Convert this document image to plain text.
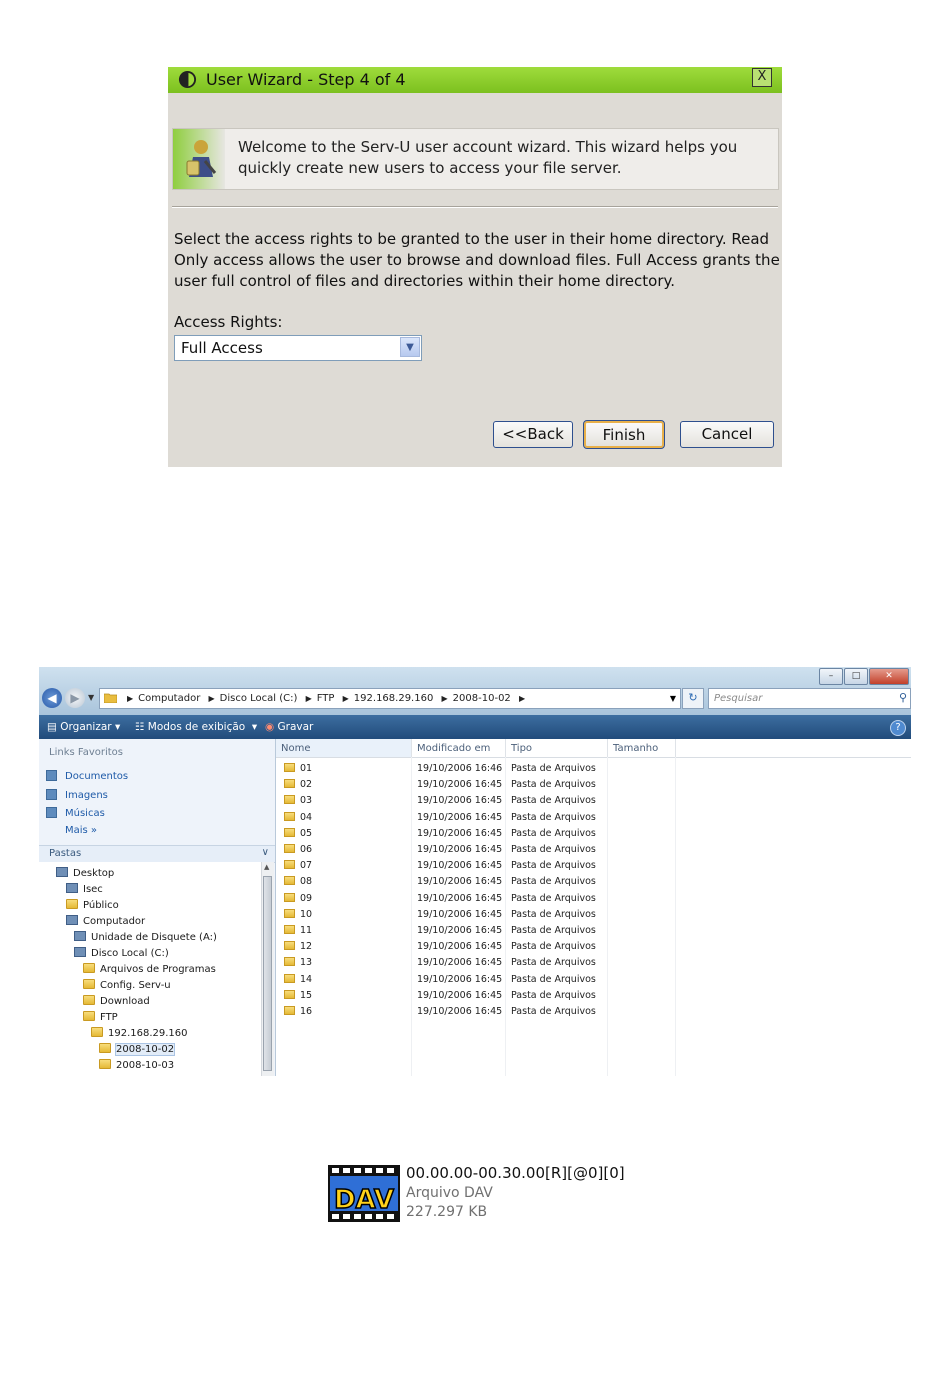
User Wizard - Step 4 of 4	X
Welcome to the Serv-U user account wizard. This wizard helps you quickly create new users to access your file server.
Select the access rights to be granted to the user in their home directory. Read Only access allows the user to browse and download files. Full Access grants the user full control of files and directories within their home directory.
Access Rights:
Full Access	▼
<<Back	Finish	Cancel
–	□	✕
◀	▶	▼	▶ Computador ▶ Disco Local (C:) ▶ FTP ▶ 192.168.29.160 ▶ 2008-10-02 ▶	▼	↻	Pesquisar	⚲
▤ Organizar ▾ ☷ Modos de exibição  ▾ ◉ Gravar	?
Links Favoritos
Documentos
Imagens
Músicas
Mais »
Pastas	∨
Desktop
Isec
Público
Computador
Unidade de Disquete (A:)
Disco Local (C:)
Arquivos de Programas
Config. Serv-u
Download
FTP
192.168.29.160
2008-10-02
2008-10-03
▲
Nome	Modificado em	Tipo	Tamanho
01	19/10/2006 16:46 Pasta de Arquivos
02	19/10/2006 16:45 Pasta de Arquivos
03	19/10/2006 16:45 Pasta de Arquivos
04	19/10/2006 16:45 Pasta de Arquivos
05	19/10/2006 16:45 Pasta de Arquivos
06	19/10/2006 16:45 Pasta de Arquivos
07	19/10/2006 16:45 Pasta de Arquivos
08	19/10/2006 16:45 Pasta de Arquivos
09	19/10/2006 16:45 Pasta de Arquivos
10	19/10/2006 16:45 Pasta de Arquivos
11	19/10/2006 16:45 Pasta de Arquivos
12	19/10/2006 16:45 Pasta de Arquivos
13	19/10/2006 16:45 Pasta de Arquivos
14	19/10/2006 16:45 Pasta de Arquivos
15	19/10/2006 16:45 Pasta de Arquivos
16	19/10/2006 16:45 Pasta de Arquivos
DAV
00.00.00-00.30.00[R][@0][0]
Arquivo DAV
227.297 KB
